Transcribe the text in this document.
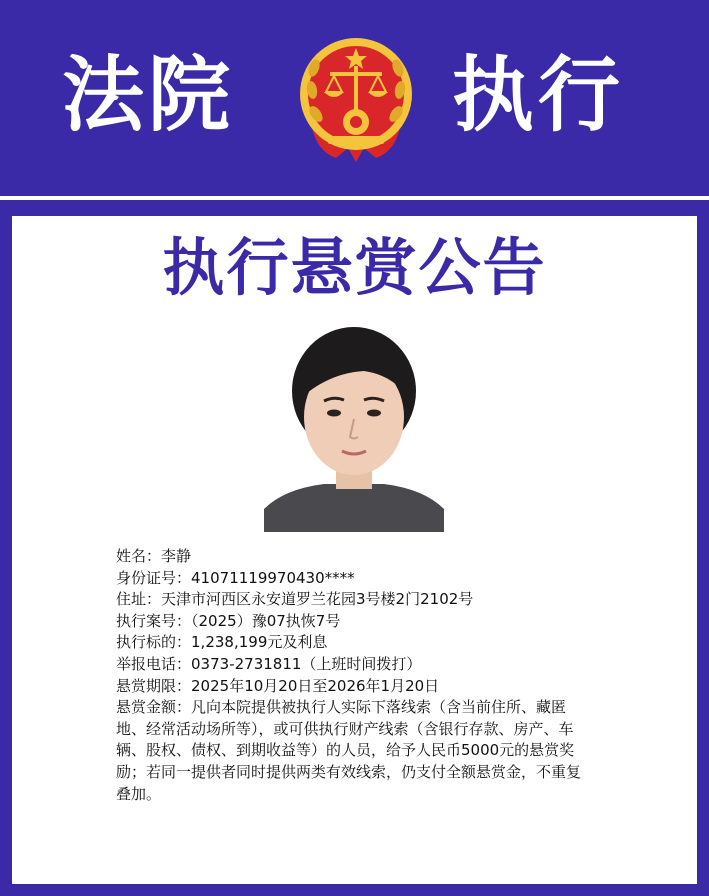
法院	执行
执行悬赏公告
姓名：李静
身份证号：41071119970430****
住址：天津市河西区永安道罗兰花园3号楼2门2102号
执行案号：（2025）豫07执恢7号
执行标的：1,238,199元及利息
举报电话：0373-2731811（上班时间拨打）
悬赏期限：2025年10月20日至2026年1月20日
悬赏金额：凡向本院提供被执行人实际下落线索（含当前住所、藏匿地、经常活动场所等），或可供执行财产线索（含银行存款、房产、车辆、股权、债权、到期收益等）的人员，给予人民币5000元的悬赏奖励；若同一提供者同时提供两类有效线索，仍支付全额悬赏金，不重复叠加。
